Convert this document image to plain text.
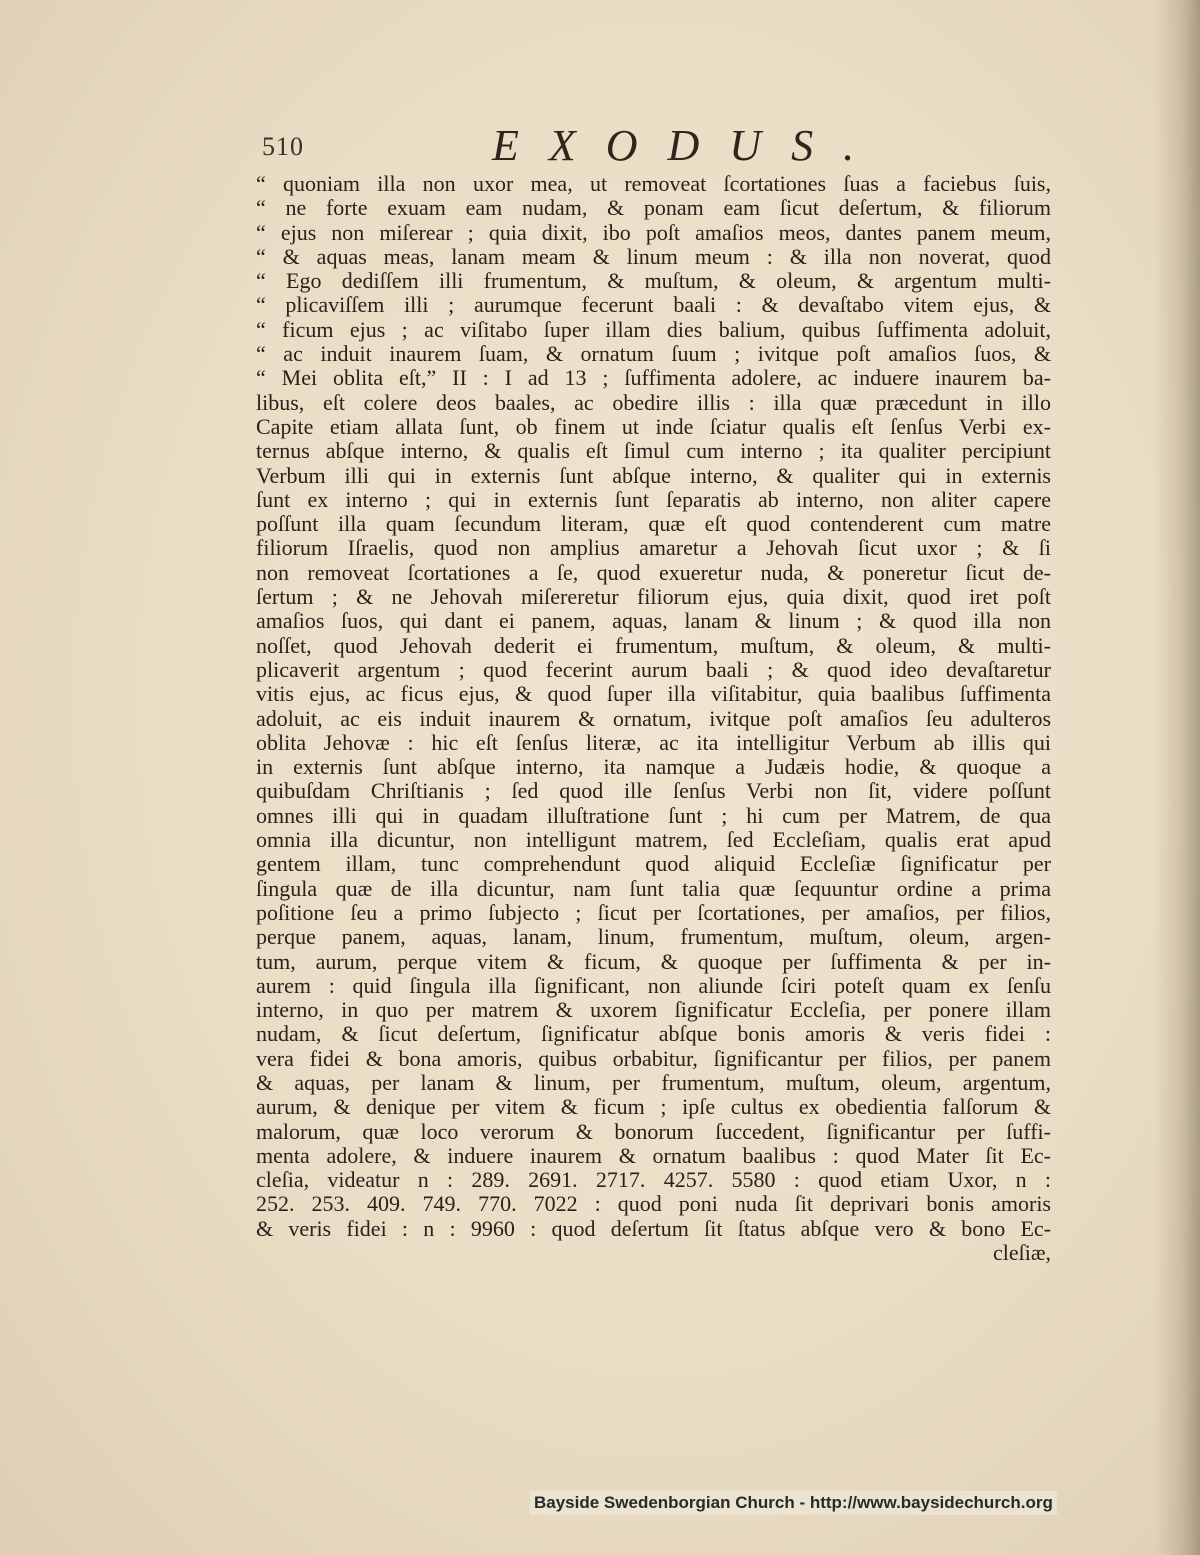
510	EXODUS.
“ quoniam illa non uxor mea, ut removeat ſcortationes ſuas a faciebus ſuis,
“ ne forte exuam eam nudam, & ponam eam ſicut deſertum, & filiorum
“ ejus non miſerear ; quia dixit, ibo poſt amaſios meos, dantes panem meum,
“ & aquas meas, lanam meam & linum meum : & illa non noverat, quod
“ Ego dediſſem illi frumentum, & muſtum, & oleum, & argentum multi-
“ plicaviſſem illi ; aurumque fecerunt baali : & devaſtabo vitem ejus, &
“ ficum ejus ; ac viſitabo ſuper illam dies balium, quibus ſuffimenta adoluit,
“ ac induit inaurem ſuam, & ornatum ſuum ; ivitque poſt amaſios ſuos, &
“ Mei oblita eſt,” II : I ad 13 ; ſuffimenta adolere, ac induere inaurem ba-
libus, eſt colere deos baales, ac obedire illis : illa quæ præcedunt in illo
Capite etiam allata ſunt, ob finem ut inde ſciatur qualis eſt ſenſus Verbi ex-
ternus abſque interno, & qualis eſt ſimul cum interno ; ita qualiter percipiunt
Verbum illi qui in externis ſunt abſque interno, & qualiter qui in externis
ſunt ex interno ; qui in externis ſunt ſeparatis ab interno, non aliter capere
poſſunt illa quam ſecundum literam, quæ eſt quod contenderent cum matre
filiorum Iſraelis, quod non amplius amaretur a Jehovah ſicut uxor ; & ſi
non removeat ſcortationes a ſe, quod exueretur nuda, & poneretur ſicut de-
ſertum ; & ne Jehovah miſereretur filiorum ejus, quia dixit, quod iret poſt
amaſios ſuos, qui dant ei panem, aquas, lanam & linum ; & quod illa non
noſſet, quod Jehovah dederit ei frumentum, muſtum, & oleum, & multi-
plicaverit argentum ; quod fecerint aurum baali ; & quod ideo devaſtaretur
vitis ejus, ac ficus ejus, & quod ſuper illa viſitabitur, quia baalibus ſuffimenta
adoluit, ac eis induit inaurem & ornatum, ivitque poſt amaſios ſeu adulteros
oblita Jehovæ : hic eſt ſenſus literæ, ac ita intelligitur Verbum ab illis qui
in externis ſunt abſque interno, ita namque a Judæis hodie, & quoque a
quibuſdam Chriſtianis ; ſed quod ille ſenſus Verbi non ſit, videre poſſunt
omnes illi qui in quadam illuſtratione ſunt ; hi cum per Matrem, de qua
omnia illa dicuntur, non intelligunt matrem, ſed Eccleſiam, qualis erat apud
gentem illam, tunc comprehendunt quod aliquid Eccleſiæ ſignificatur per
ſingula quæ de illa dicuntur, nam ſunt talia quæ ſequuntur ordine a prima
poſitione ſeu a primo ſubjecto ; ſicut per ſcortationes, per amaſios, per filios,
perque panem, aquas, lanam, linum, frumentum, muſtum, oleum, argen-
tum, aurum, perque vitem & ficum, & quoque per ſuffimenta & per in-
aurem : quid ſingula illa ſignificant, non aliunde ſciri poteſt quam ex ſenſu
interno, in quo per matrem & uxorem ſignificatur Eccleſia, per ponere illam
nudam, & ſicut deſertum, ſignificatur abſque bonis amoris & veris fidei :
vera fidei & bona amoris, quibus orbabitur, ſignificantur per filios, per panem
& aquas, per lanam & linum, per frumentum, muſtum, oleum, argentum,
aurum, & denique per vitem & ficum ; ipſe cultus ex obedientia falſorum &
malorum, quæ loco verorum & bonorum ſuccedent, ſignificantur per ſuffi-
menta adolere, & induere inaurem & ornatum baalibus : quod Mater ſit Ec-
cleſia, videatur n : 289. 2691. 2717. 4257. 5580 : quod etiam Uxor, n :
252. 253. 409. 749. 770. 7022 : quod poni nuda ſit deprivari bonis amoris
& veris fidei : n : 9960 : quod deſertum ſit ſtatus abſque vero & bono Ec-
cleſiæ,
Bayside Swedenborgian Church - http://www.baysidechurch.org
